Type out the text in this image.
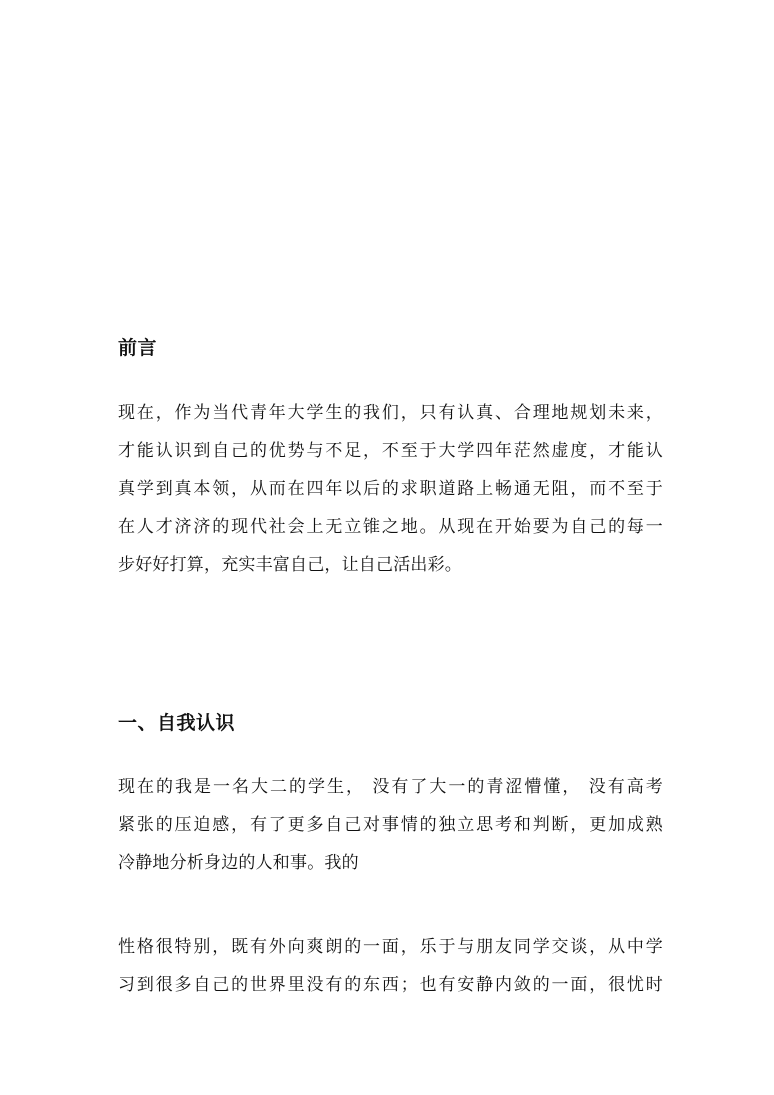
前言
现在，作为当代青年大学生的我们，只有认真、合理地规划未来，
才能认识到自己的优势与不足，不至于大学四年茫然虚度，才能认
真学到真本领，从而在四年以后的求职道路上畅通无阻，而不至于
在人才济济的现代社会上无立锥之地。从现在开始要为自己的每一
步好好打算，充实丰富自己，让自己活出彩。
一、自我认识
现在的我是一名大二的学生， 没有了大一的青涩懵懂， 没有高考
紧张的压迫感，有了更多自己对事情的独立思考和判断，更加成熟
冷静地分析身边的人和事。我的
性格很特别，既有外向爽朗的一面，乐于与朋友同学交谈，从中学
习到很多自己的世界里没有的东西；也有安静内敛的一面，很忧时
